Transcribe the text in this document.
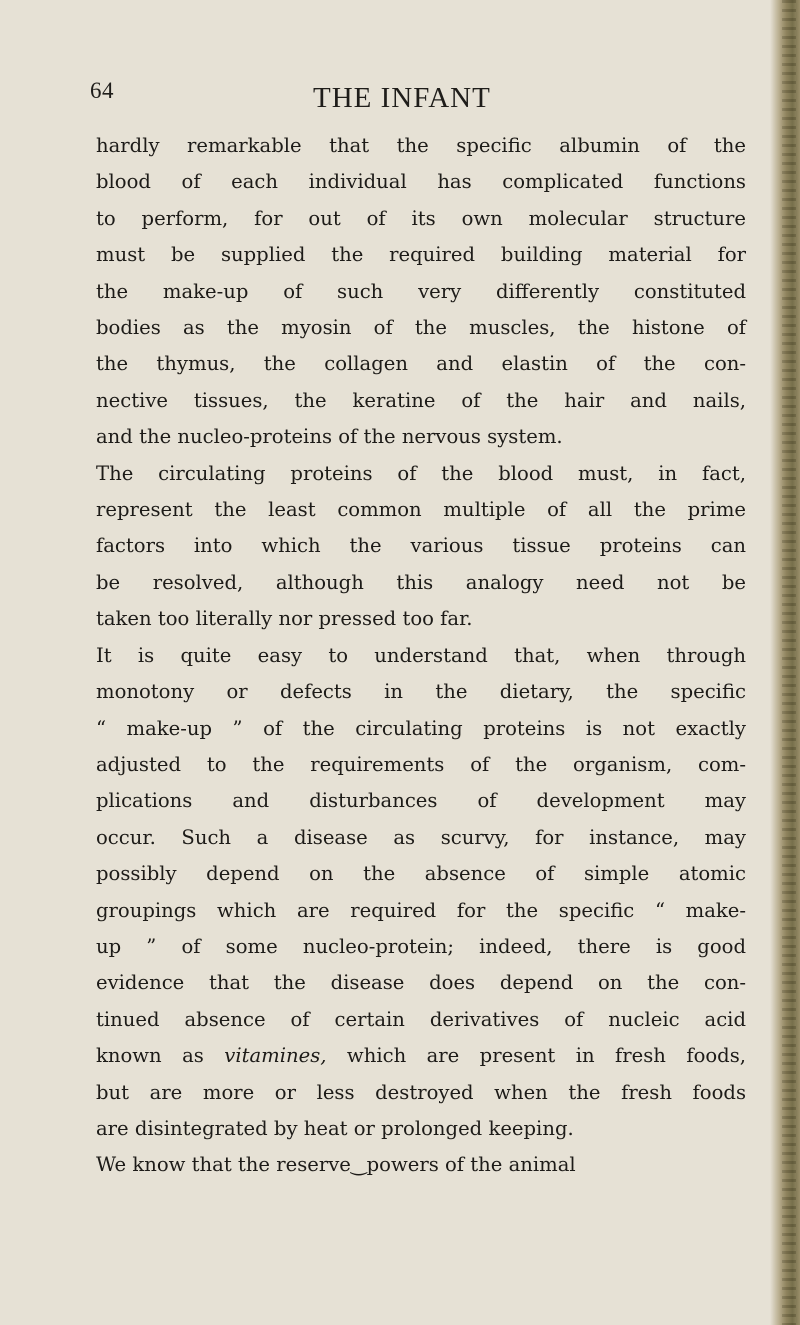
64	THE INFANT
hardly remarkable that the specific albumin of the
blood of each individual has complicated functions
to perform, for out of its own molecular structure
must be supplied the required building material for
the make-up of such very differently constituted
bodies as the myosin of the muscles, the histone of
the thymus, the collagen and elastin of the con-
nective tissues, the keratine of the hair and nails,
and the nucleo-proteins of the nervous system.
The circulating proteins of the blood must, in fact,
represent the least common multiple of all the prime
factors into which the various tissue proteins can
be resolved, although this analogy need not be
taken too literally nor pressed too far.
It is quite easy to understand that, when through
monotony or defects in the dietary, the specific
“ make-up ” of the circulating proteins is not exactly
adjusted to the requirements of the organism, com-
plications and disturbances of development may
occur. Such a disease as scurvy, for instance, may
possibly depend on the absence of simple atomic
groupings which are required for the specific “ make-
up ” of some nucleo-protein; indeed, there is good
evidence that the disease does depend on the con-
tinued absence of certain derivatives of nucleic acid
known as vitamines, which are present in fresh foods,
but are more or less destroyed when the fresh foods
are disintegrated by heat or prolonged keeping.
We know that the reserve‿powers of the animal
